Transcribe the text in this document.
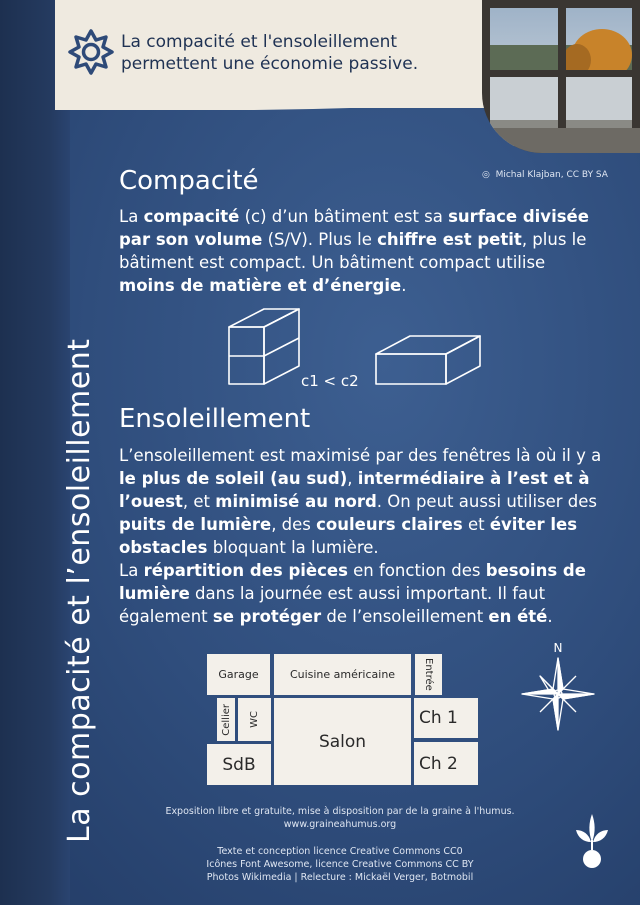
La compacité et l'ensoleillement
permettent une économie passive.
◎ Michal Klajban, CC BY SA
La compacité et l’ensoleillement
Compacité
La compacité (c) d’un bâtiment est sa surface divisée par son volume (S/V). Plus le chiffre est petit, plus le bâtiment est compact. Un bâtiment compact utilise moins de matière et d’énergie.
c1 < c2
Ensoleillement
L’ensoleillement est maximisé par des fenêtres là où il y a le plus de soleil (au sud), intermédiaire à l’est et à l’ouest, et minimisé au nord. On peut aussi utiliser des puits de lumière, des couleurs claires et éviter les obstacles bloquant la lumière.
La répartition des pièces en fonction des besoins de lumière dans la journée est aussi important. Il faut également se protéger de l’ensoleillement en été.
Garage	Cuisine américaine	Entrée
Cellier WC
Salon
Ch 1
Ch 2
SdB
N
Exposition libre et gratuite, mise à disposition par de la graine à l'humus.
www.graineahumus.org
Texte et conception licence Creative Commons CC0
Icônes Font Awesome, licence Creative Commons CC BY
Photos Wikimedia | Relecture : Mickaël Verger, Botmobil
